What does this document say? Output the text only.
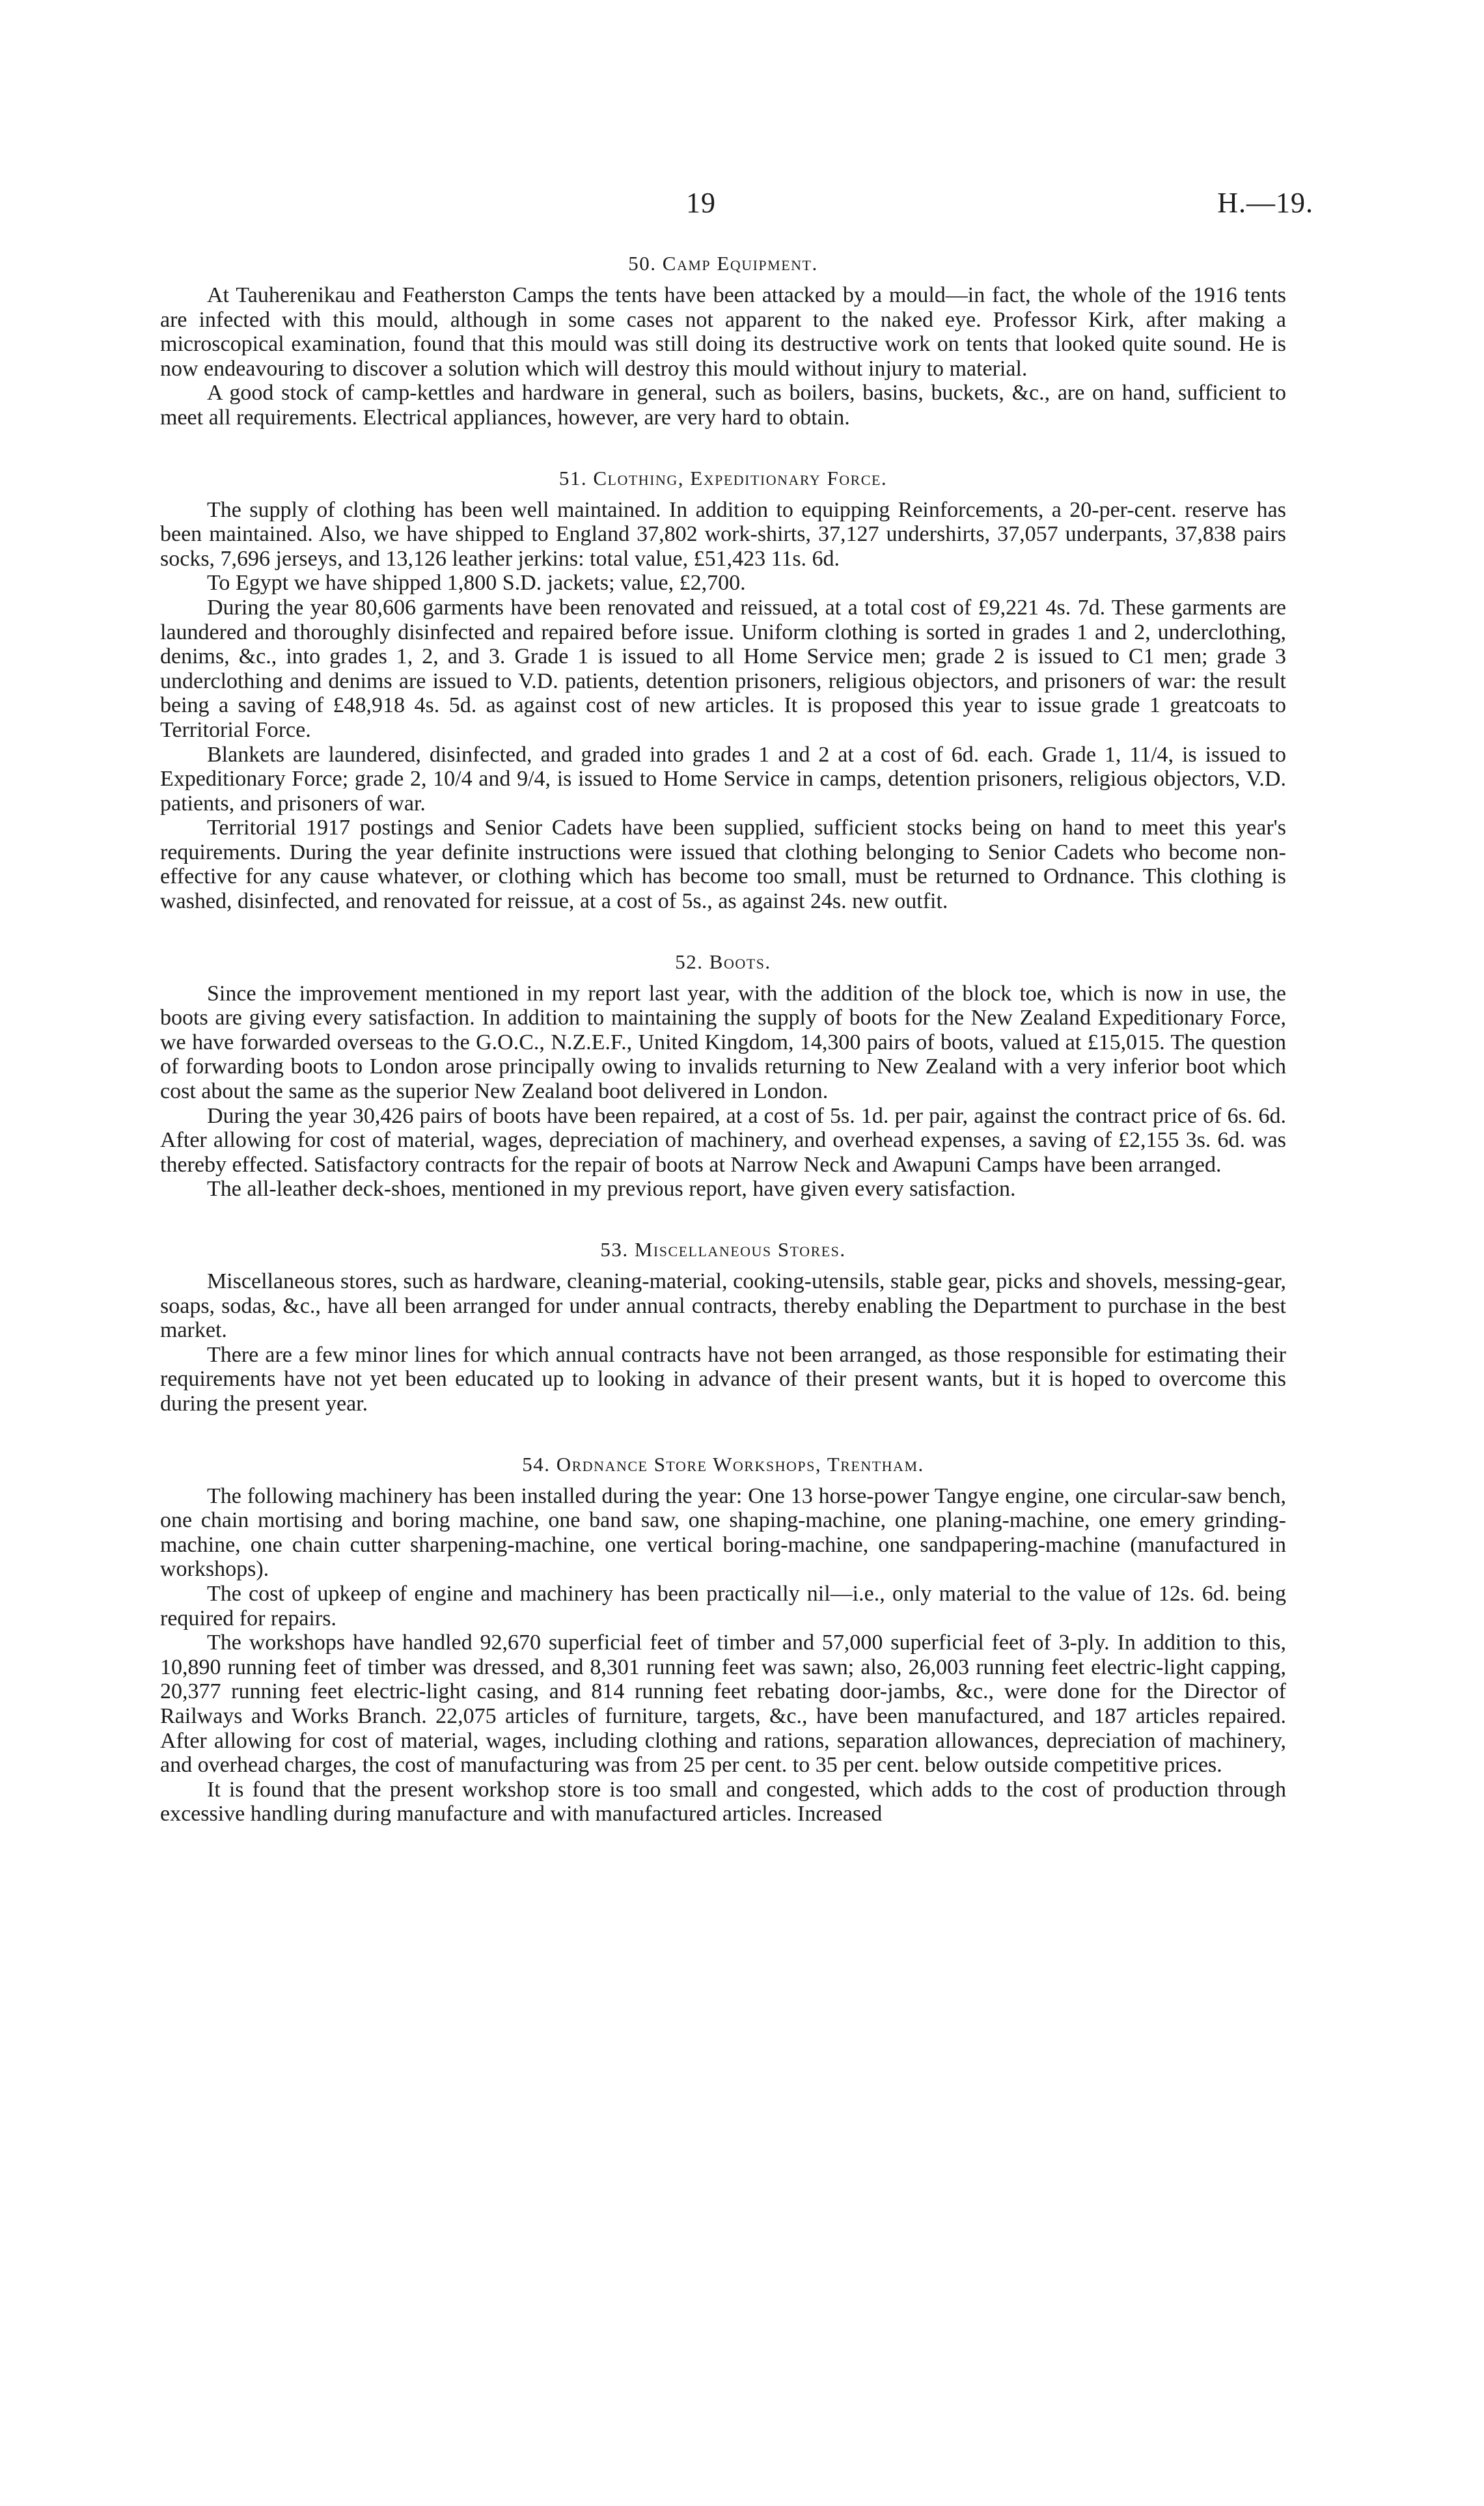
19	H.—19.
50. Camp Equipment.

At Tauherenikau and Featherston Camps the tents have been attacked by a mould—in fact, the whole of the 1916 tents are infected with this mould, although in some cases not apparent to the naked eye. Professor Kirk, after making a microscopical examination, found that this mould was still doing its destructive work on tents that looked quite sound. He is now endeavouring to discover a solution which will destroy this mould without injury to material.

A good stock of camp-kettles and hardware in general, such as boilers, basins, buckets, &c., are on hand, sufficient to meet all requirements. Electrical appliances, however, are very hard to obtain.

51. Clothing, Expeditionary Force.

The supply of clothing has been well maintained. In addition to equipping Reinforcements, a 20-per-cent. reserve has been maintained. Also, we have shipped to England 37,802 work-shirts, 37,127 undershirts, 37,057 underpants, 37,838 pairs socks, 7,696 jerseys, and 13,126 leather jerkins: total value, £51,423 11s. 6d.

To Egypt we have shipped 1,800 S.D. jackets; value, £2,700.

During the year 80,606 garments have been renovated and reissued, at a total cost of £9,221 4s. 7d. These garments are laundered and thoroughly disinfected and repaired before issue. Uniform clothing is sorted in grades 1 and 2, underclothing, denims, &c., into grades 1, 2, and 3. Grade 1 is issued to all Home Service men; grade 2 is issued to C1 men; grade 3 underclothing and denims are issued to V.D. patients, detention prisoners, religious objectors, and prisoners of war: the result being a saving of £48,918 4s. 5d. as against cost of new articles. It is proposed this year to issue grade 1 greatcoats to Territorial Force.

Blankets are laundered, disinfected, and graded into grades 1 and 2 at a cost of 6d. each. Grade 1, 11/4, is issued to Expeditionary Force; grade 2, 10/4 and 9/4, is issued to Home Service in camps, detention prisoners, religious objectors, V.D. patients, and prisoners of war.

Territorial 1917 postings and Senior Cadets have been supplied, sufficient stocks being on hand to meet this year's requirements. During the year definite instructions were issued that clothing belonging to Senior Cadets who become non-effective for any cause whatever, or clothing which has become too small, must be returned to Ordnance. This clothing is washed, disinfected, and renovated for reissue, at a cost of 5s., as against 24s. new outfit.

52. Boots.

Since the improvement mentioned in my report last year, with the addition of the block toe, which is now in use, the boots are giving every satisfaction. In addition to maintaining the supply of boots for the New Zealand Expeditionary Force, we have forwarded overseas to the G.O.C., N.Z.E.F., United Kingdom, 14,300 pairs of boots, valued at £15,015. The question of forwarding boots to London arose principally owing to invalids returning to New Zealand with a very inferior boot which cost about the same as the superior New Zealand boot delivered in London.

During the year 30,426 pairs of boots have been repaired, at a cost of 5s. 1d. per pair, against the contract price of 6s. 6d. After allowing for cost of material, wages, depreciation of machinery, and overhead expenses, a saving of £2,155 3s. 6d. was thereby effected. Satisfactory contracts for the repair of boots at Narrow Neck and Awapuni Camps have been arranged.

The all-leather deck-shoes, mentioned in my previous report, have given every satisfaction.

53. Miscellaneous Stores.

Miscellaneous stores, such as hardware, cleaning-material, cooking-utensils, stable gear, picks and shovels, messing-gear, soaps, sodas, &c., have all been arranged for under annual contracts, thereby enabling the Department to purchase in the best market.

There are a few minor lines for which annual contracts have not been arranged, as those responsible for estimating their requirements have not yet been educated up to looking in advance of their present wants, but it is hoped to overcome this during the present year.

54. Ordnance Store Workshops, Trentham.

The following machinery has been installed during the year: One 13 horse-power Tangye engine, one circular-saw bench, one chain mortising and boring machine, one band saw, one shaping-machine, one planing-machine, one emery grinding-machine, one chain cutter sharpening-machine, one vertical boring-machine, one sandpapering-machine (manufactured in workshops).

The cost of upkeep of engine and machinery has been practically nil—i.e., only material to the value of 12s. 6d. being required for repairs.

The workshops have handled 92,670 superficial feet of timber and 57,000 superficial feet of 3-ply. In addition to this, 10,890 running feet of timber was dressed, and 8,301 running feet was sawn; also, 26,003 running feet electric-light capping, 20,377 running feet electric-light casing, and 814 running feet rebating door-jambs, &c., were done for the Director of Railways and Works Branch. 22,075 articles of furniture, targets, &c., have been manufactured, and 187 articles repaired. After allowing for cost of material, wages, including clothing and rations, separation allowances, depreciation of machinery, and overhead charges, the cost of manufacturing was from 25 per cent. to 35 per cent. below outside competitive prices.

It is found that the present workshop store is too small and congested, which adds to the cost of production through excessive handling during manufacture and with manufactured articles. Increased
